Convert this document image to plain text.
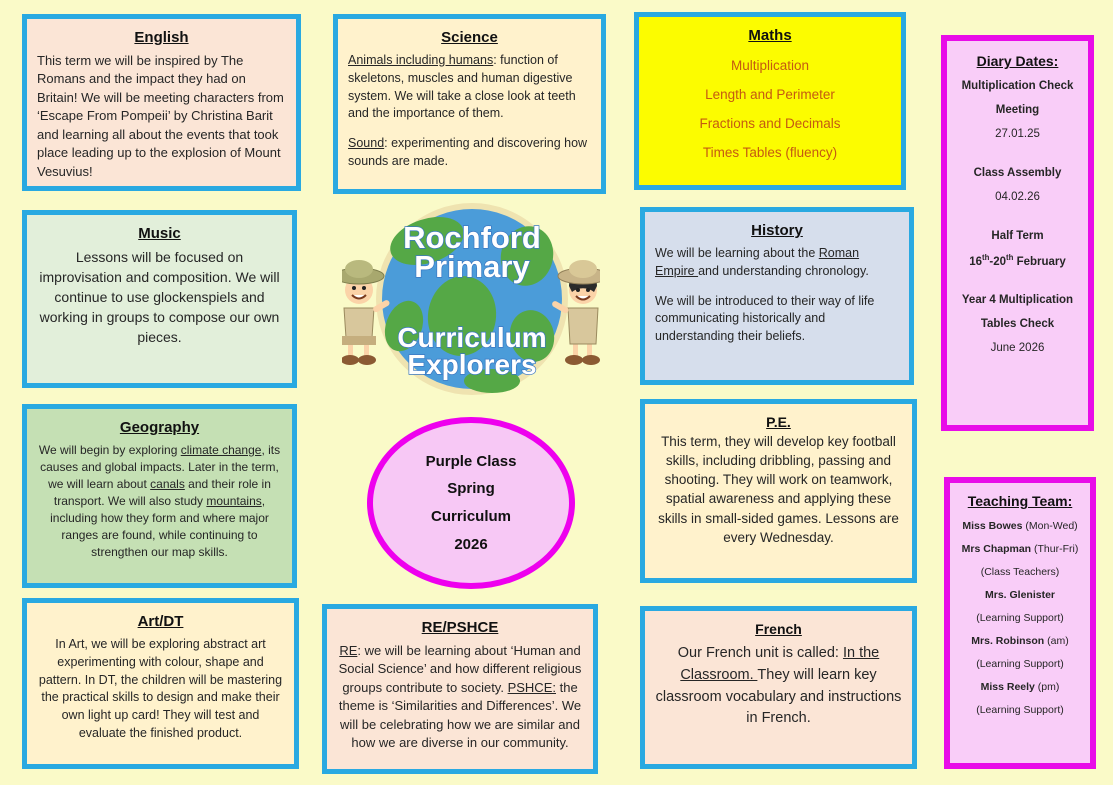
English

This term we will be inspired by The Romans and the impact they had on Britain! We will be meeting characters from ‘Escape From Pompeii’ by Christina Barit and learning all about the events that took place leading up to the explosion of Mount Vesuvius!

Science

Animals including humans: function of skeletons, muscles and human digestive system. We will take a close look at teeth and the importance of them.

Sound: experimenting and discovering how sounds are made.

Maths

Multiplication

Length and Perimeter

Fractions and Decimals

Times Tables (fluency)

Music

Lessons will be focused on improvisation and composition. We will continue to use glockenspiels and working in groups to compose our own pieces.

History

We will be learning about the Roman Empire and understanding chronology.

We will be introduced to their way of life communicating historically and understanding their beliefs.

Geography

We will begin by exploring climate change, its causes and global impacts. Later in the term, we will learn about canals and their role in transport. We will also study mountains, including how they form and where major ranges are found, while continuing to strengthen our map skills.

P.E.

This term, they will develop key football skills, including dribbling, passing and shooting. They will work on teamwork, spatial awareness and applying these skills in small-sided games. Lessons are every Wednesday.

Art/DT

In Art, we will be exploring abstract art experimenting with colour, shape and pattern. In DT, the children will be mastering the practical skills to design and make their own light up card! They will test and evaluate the finished product.

RE/PSHCE

RE: we will be learning about ‘Human and Social Science’ and how different religious groups contribute to society. PSHCE: the theme is ‘Similarities and Differences’. We will be celebrating how we are similar and how we are diverse in our community.

French

Our French unit is called: In the Classroom. They will learn key classroom vocabulary and instructions in French.

Diary Dates:

Multiplication Check

Meeting

27.01.25

Class Assembly

04.02.26

Half Term

16th-20th February

Year 4 Multiplication

Tables Check

June 2026

Teaching Team:

Miss Bowes (Mon-Wed)

Mrs Chapman (Thur-Fri)

(Class Teachers)

Mrs. Glenister

(Learning Support)

Mrs. Robinson (am)

(Learning Support)

Miss Reely (pm)

(Learning Support)

Rochford
Primary
Curriculum
Explorers
Purple Class
Spring
Curriculum
2026
